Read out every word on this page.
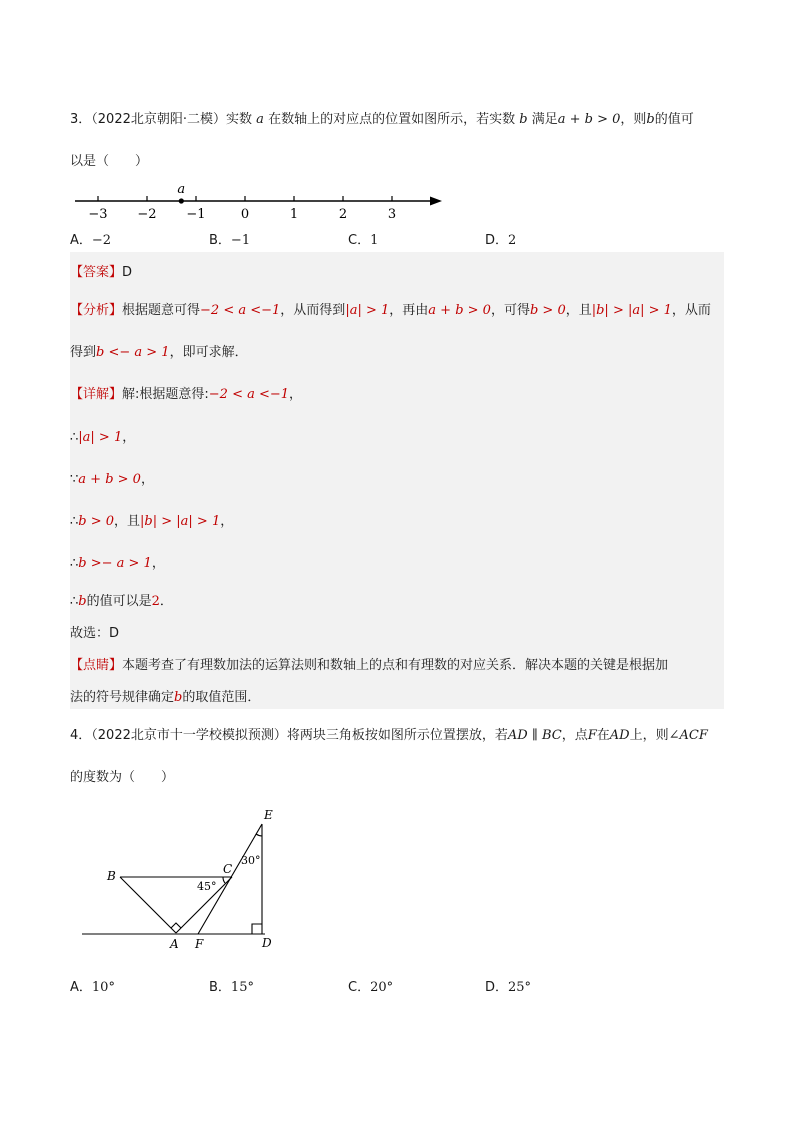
3．（2022北京朝阳·二模）实数 a 在数轴上的对应点的位置如图所示，若实数 b 满足a + b > 0，则b的值可
以是（　　）
−3 −2 −1	0	1	2	3
a
A．−2	B．−1	C．1	D．2
【答案】D
【分析】根据题意可得−2 < a <−1，从而得到|a| > 1，再由a + b > 0，可得b > 0，且|b| > |a| > 1，从而
得到b <− a > 1，即可求解．
【详解】解:根据题意得:−2 < a <−1，
∴|a| > 1，
∵a + b > 0，
∴b > 0，且|b| > |a| > 1，
∴b >− a > 1，
∴b的值可以是2．
故选：D
【点睛】本题考查了有理数加法的运算法则和数轴上的点和有理数的对应关系．解决本题的关键是根据加
法的符号规律确定b的取值范围．
4．（2022北京市十一学校模拟预测）将两块三角板按如图所示位置摆放，若AD ∥ BC，点F在AD上，则∠ACF
的度数为（　　）
E
C
B
A F	D
45°
30°
A．10°	B．15°	C．20°	D．25°
